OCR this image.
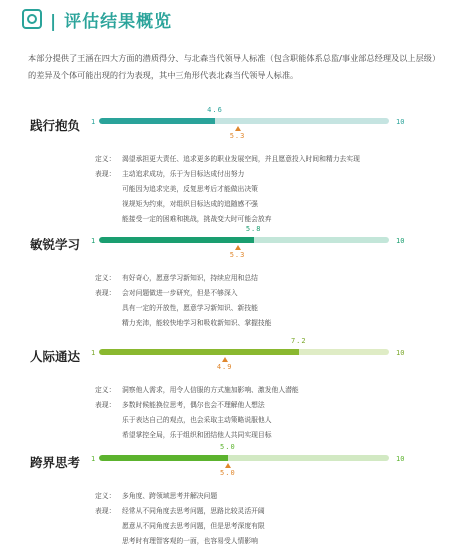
| 评估结果概览
本部分提供了王涵在四大方面的潜质得分、与北森当代领导人标准（包含职能体系总监/事业部总经理及以上层级）的差异及个体可能出现的行为表现，其中三角形代表北森当代领导人标准。
践行抱负 1	10
4.6
5.3
定义： 渴望承担更大责任、追求更多的职业发展空间，并且愿意投入时间和精力去实现
表现： 主动追求成功，乐于为目标达成付出努力
可能因为追求完美，反复思考后才能做出决策
视规矩为约束，对组织目标达成的追随感不强
能接受一定的困难和挑战，挑战变大时可能会放弃
敏锐学习 1	10
5.8
5.3
定义： 有好奇心，愿意学习新知识，持续应用和总结
表现： 会对问题做进一步研究，但是不够深入
具有一定的开放性，愿意学习新知识、新技能
精力充沛，能较快地学习和吸收新知识、掌握技能
人际通达 1	10
7.2
4.9
定义： 洞察他人需求，用令人信服的方式施加影响、激发他人潜能
表现： 多数时候能换位思考，偶尔也会不理解他人想法
乐于表达自己的观点，也会采取主动策略说服他人
希望掌控全局，乐于组织和团结他人共同实现目标
跨界思考 1	10
5.0
5.0
定义： 多角度、跨领域思考并解决问题
表现： 经常从不同角度去思考问题，思路比较灵活开阔
愿意从不同角度去思考问题，但是思考深度有限
思考时有理智客观的一面，也容易受人情影响
